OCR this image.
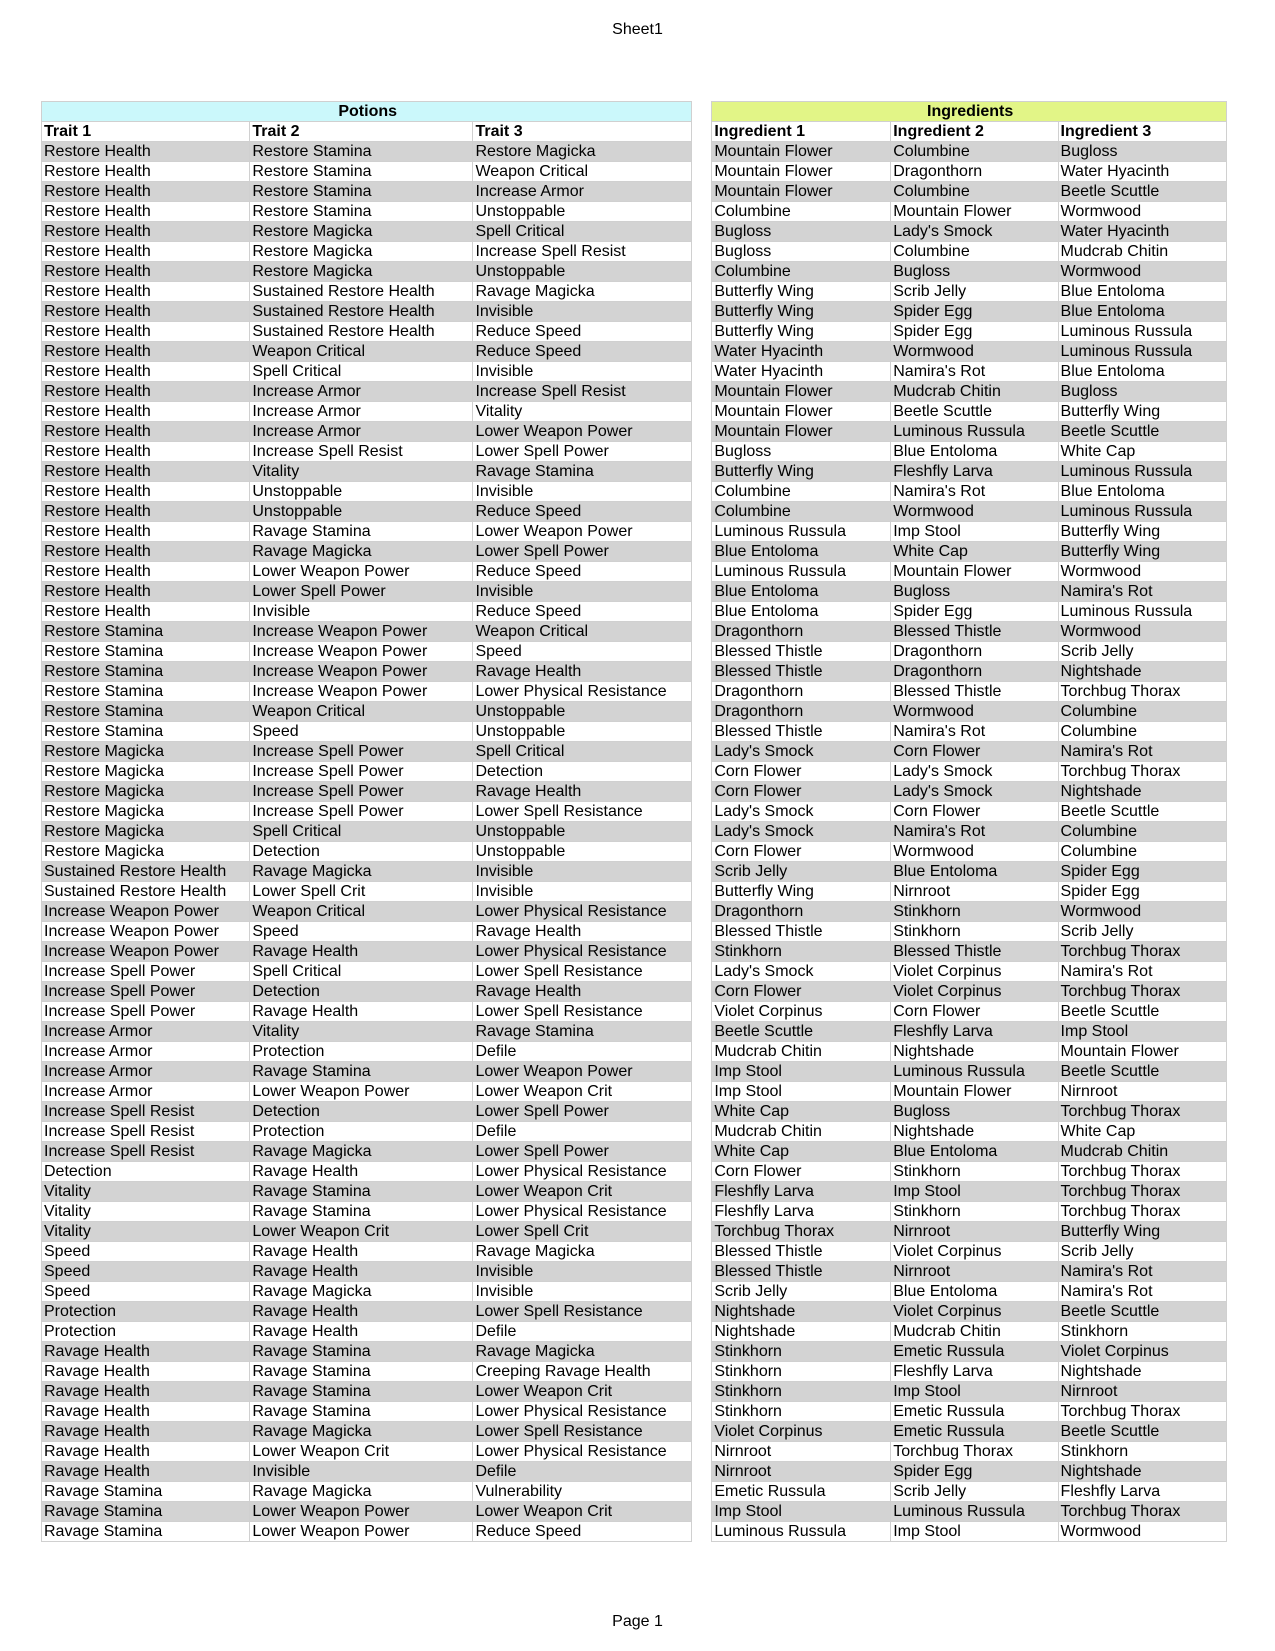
Sheet1
Potions				Ingredients		
Trait 1	Trait 2	Trait 3		Ingredient 1	Ingredient 2	Ingredient 3
Restore Health	Restore Stamina	Restore Magicka		Mountain Flower	Columbine	Bugloss
Restore Health	Restore Stamina	Weapon Critical		Mountain Flower	Dragonthorn	Water Hyacinth
Restore Health	Restore Stamina	Increase Armor		Mountain Flower	Columbine	Beetle Scuttle
Restore Health	Restore Stamina	Unstoppable		Columbine	Mountain Flower	Wormwood
Restore Health	Restore Magicka	Spell Critical		Bugloss	Lady's Smock	Water Hyacinth
Restore Health	Restore Magicka	Increase Spell Resist		Bugloss	Columbine	Mudcrab Chitin
Restore Health	Restore Magicka	Unstoppable		Columbine	Bugloss	Wormwood
Restore Health	Sustained Restore Health	Ravage Magicka		Butterfly Wing	Scrib Jelly	Blue Entoloma
Restore Health	Sustained Restore Health	Invisible		Butterfly Wing	Spider Egg	Blue Entoloma
Restore Health	Sustained Restore Health	Reduce Speed		Butterfly Wing	Spider Egg	Luminous Russula
Restore Health	Weapon Critical	Reduce Speed		Water Hyacinth	Wormwood	Luminous Russula
Restore Health	Spell Critical	Invisible		Water Hyacinth	Namira's Rot	Blue Entoloma
Restore Health	Increase Armor	Increase Spell Resist		Mountain Flower	Mudcrab Chitin	Bugloss
Restore Health	Increase Armor	Vitality		Mountain Flower	Beetle Scuttle	Butterfly Wing
Restore Health	Increase Armor	Lower Weapon Power		Mountain Flower	Luminous Russula	Beetle Scuttle
Restore Health	Increase Spell Resist	Lower Spell Power		Bugloss	Blue Entoloma	White Cap
Restore Health	Vitality	Ravage Stamina		Butterfly Wing	Fleshfly Larva	Luminous Russula
Restore Health	Unstoppable	Invisible		Columbine	Namira's Rot	Blue Entoloma
Restore Health	Unstoppable	Reduce Speed		Columbine	Wormwood	Luminous Russula
Restore Health	Ravage Stamina	Lower Weapon Power		Luminous Russula	Imp Stool	Butterfly Wing
Restore Health	Ravage Magicka	Lower Spell Power		Blue Entoloma	White Cap	Butterfly Wing
Restore Health	Lower Weapon Power	Reduce Speed		Luminous Russula	Mountain Flower	Wormwood
Restore Health	Lower Spell Power	Invisible		Blue Entoloma	Bugloss	Namira's Rot
Restore Health	Invisible	Reduce Speed		Blue Entoloma	Spider Egg	Luminous Russula
Restore Stamina	Increase Weapon Power	Weapon Critical		Dragonthorn	Blessed Thistle	Wormwood
Restore Stamina	Increase Weapon Power	Speed		Blessed Thistle	Dragonthorn	Scrib Jelly
Restore Stamina	Increase Weapon Power	Ravage Health		Blessed Thistle	Dragonthorn	Nightshade
Restore Stamina	Increase Weapon Power	Lower Physical Resistance		Dragonthorn	Blessed Thistle	Torchbug Thorax
Restore Stamina	Weapon Critical	Unstoppable		Dragonthorn	Wormwood	Columbine
Restore Stamina	Speed	Unstoppable		Blessed Thistle	Namira's Rot	Columbine
Restore Magicka	Increase Spell Power	Spell Critical		Lady's Smock	Corn Flower	Namira's Rot
Restore Magicka	Increase Spell Power	Detection		Corn Flower	Lady's Smock	Torchbug Thorax
Restore Magicka	Increase Spell Power	Ravage Health		Corn Flower	Lady's Smock	Nightshade
Restore Magicka	Increase Spell Power	Lower Spell Resistance		Lady's Smock	Corn Flower	Beetle Scuttle
Restore Magicka	Spell Critical	Unstoppable		Lady's Smock	Namira's Rot	Columbine
Restore Magicka	Detection	Unstoppable		Corn Flower	Wormwood	Columbine
Sustained Restore Health	Ravage Magicka	Invisible		Scrib Jelly	Blue Entoloma	Spider Egg
Sustained Restore Health	Lower Spell Crit	Invisible		Butterfly Wing	Nirnroot	Spider Egg
Increase Weapon Power	Weapon Critical	Lower Physical Resistance		Dragonthorn	Stinkhorn	Wormwood
Increase Weapon Power	Speed	Ravage Health		Blessed Thistle	Stinkhorn	Scrib Jelly
Increase Weapon Power	Ravage Health	Lower Physical Resistance		Stinkhorn	Blessed Thistle	Torchbug Thorax
Increase Spell Power	Spell Critical	Lower Spell Resistance		Lady's Smock	Violet Corpinus	Namira's Rot
Increase Spell Power	Detection	Ravage Health		Corn Flower	Violet Corpinus	Torchbug Thorax
Increase Spell Power	Ravage Health	Lower Spell Resistance		Violet Corpinus	Corn Flower	Beetle Scuttle
Increase Armor	Vitality	Ravage Stamina		Beetle Scuttle	Fleshfly Larva	Imp Stool
Increase Armor	Protection	Defile		Mudcrab Chitin	Nightshade	Mountain Flower
Increase Armor	Ravage Stamina	Lower Weapon Power		Imp Stool	Luminous Russula	Beetle Scuttle
Increase Armor	Lower Weapon Power	Lower Weapon Crit		Imp Stool	Mountain Flower	Nirnroot
Increase Spell Resist	Detection	Lower Spell Power		White Cap	Bugloss	Torchbug Thorax
Increase Spell Resist	Protection	Defile		Mudcrab Chitin	Nightshade	White Cap
Increase Spell Resist	Ravage Magicka	Lower Spell Power		White Cap	Blue Entoloma	Mudcrab Chitin
Detection	Ravage Health	Lower Physical Resistance		Corn Flower	Stinkhorn	Torchbug Thorax
Vitality	Ravage Stamina	Lower Weapon Crit		Fleshfly Larva	Imp Stool	Torchbug Thorax
Vitality	Ravage Stamina	Lower Physical Resistance		Fleshfly Larva	Stinkhorn	Torchbug Thorax
Vitality	Lower Weapon Crit	Lower Spell Crit		Torchbug Thorax	Nirnroot	Butterfly Wing
Speed	Ravage Health	Ravage Magicka		Blessed Thistle	Violet Corpinus	Scrib Jelly
Speed	Ravage Health	Invisible		Blessed Thistle	Nirnroot	Namira's Rot
Speed	Ravage Magicka	Invisible		Scrib Jelly	Blue Entoloma	Namira's Rot
Protection	Ravage Health	Lower Spell Resistance		Nightshade	Violet Corpinus	Beetle Scuttle
Protection	Ravage Health	Defile		Nightshade	Mudcrab Chitin	Stinkhorn
Ravage Health	Ravage Stamina	Ravage Magicka		Stinkhorn	Emetic Russula	Violet Corpinus
Ravage Health	Ravage Stamina	Creeping Ravage Health		Stinkhorn	Fleshfly Larva	Nightshade
Ravage Health	Ravage Stamina	Lower Weapon Crit		Stinkhorn	Imp Stool	Nirnroot
Ravage Health	Ravage Stamina	Lower Physical Resistance		Stinkhorn	Emetic Russula	Torchbug Thorax
Ravage Health	Ravage Magicka	Lower Spell Resistance		Violet Corpinus	Emetic Russula	Beetle Scuttle
Ravage Health	Lower Weapon Crit	Lower Physical Resistance		Nirnroot	Torchbug Thorax	Stinkhorn
Ravage Health	Invisible	Defile		Nirnroot	Spider Egg	Nightshade
Ravage Stamina	Ravage Magicka	Vulnerability		Emetic Russula	Scrib Jelly	Fleshfly Larva
Ravage Stamina	Lower Weapon Power	Lower Weapon Crit		Imp Stool	Luminous Russula	Torchbug Thorax
Ravage Stamina	Lower Weapon Power	Reduce Speed		Luminous Russula	Imp Stool	Wormwood
Page 1
